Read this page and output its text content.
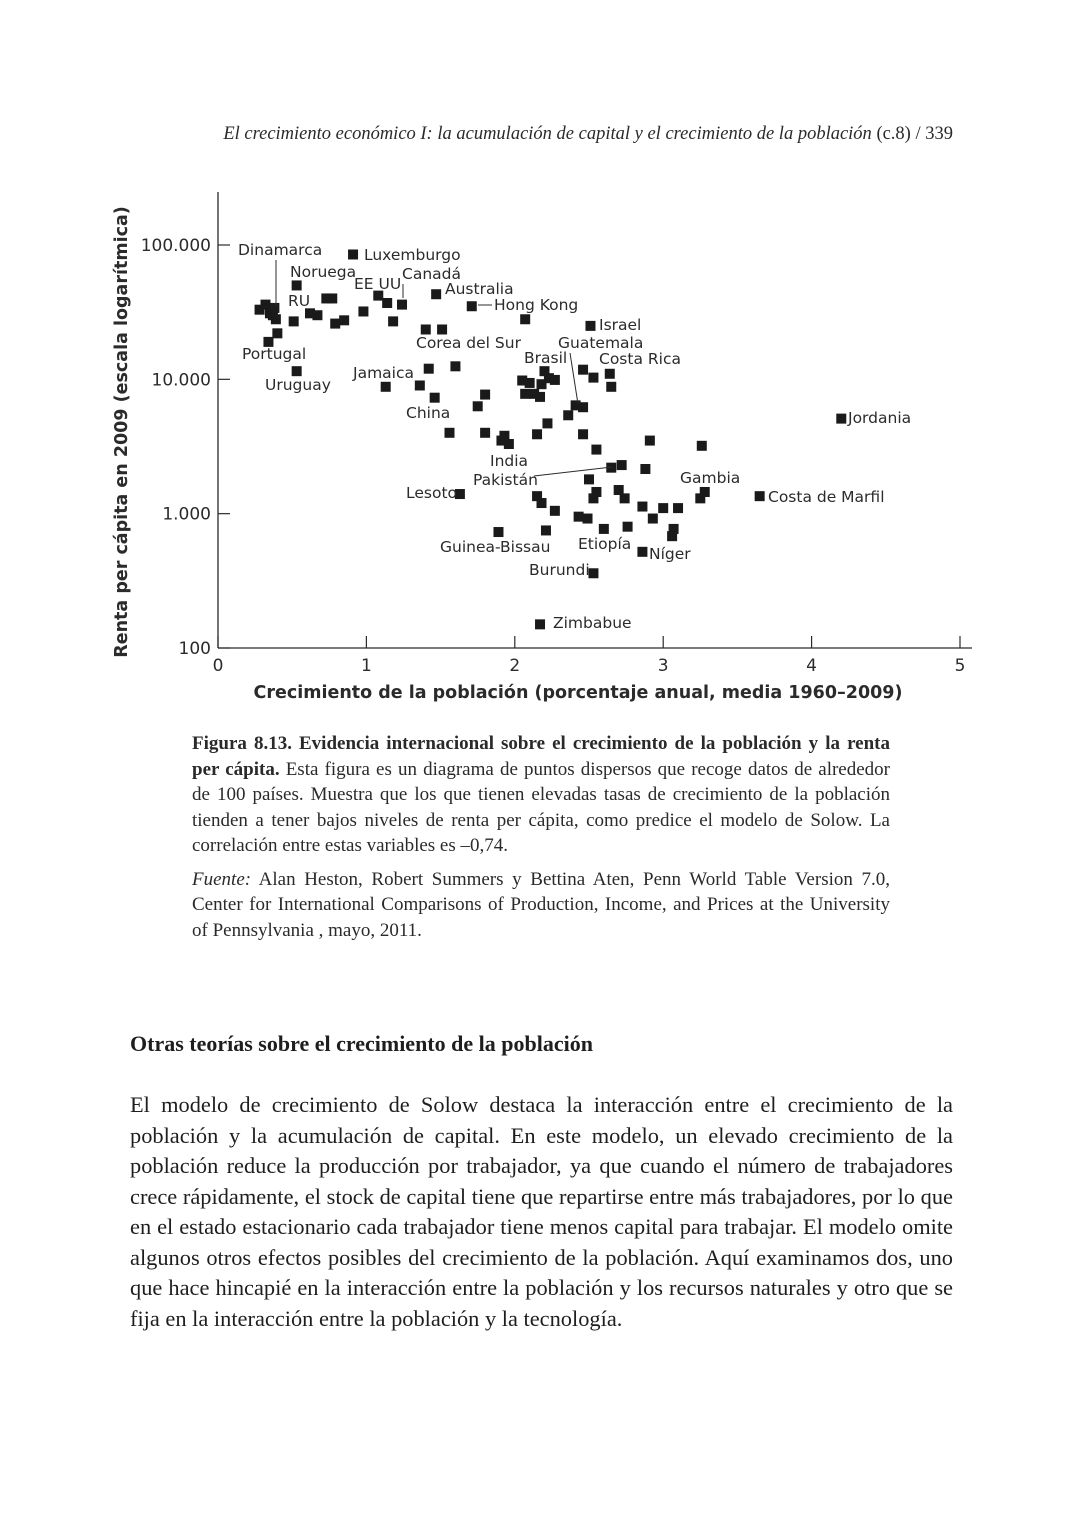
El crecimiento económico I: la acumulación de capital y el crecimiento de la población (c.8) / 339
0	1	2	3	4	5
100
1.000
10.000
100.000 Dinamarca
Noruega
RU
Portugal
Uruguay
EE UU
Luxemburgo
Canadá
Australia
Hong Kong
Corea del Sur
Jamaica
China
Israel
Guatemala
Brasil Costa Rica
India
Pakistán
Lesoto
Gambia
Jordania
Costa de Marfil
Guinea-Bissau Etiopía
Níger
Burundi
Zimbabue
Crecimiento de la población (porcentaje anual, media 1960–2009)
Renta per cápita en 2009 (escala logarítmica)

Figura 8.13. Evidencia internacional sobre el crecimiento de la población y la renta per cápita. Esta figura es un diagrama de puntos dispersos que recoge datos de alrededor de 100 países. Muestra que los que tienen elevadas tasas de crecimiento de la población tienden a tener bajos niveles de renta per cápita, como predice el modelo de Solow. La correlación entre estas variables es –0,74.

Fuente: Alan Heston, Robert Summers y Bettina Aten, Penn World Table Version 7.0, Center for International Comparisons of Production, Income, and Prices at the University of Pennsylvania , mayo, 2011.

Otras teorías sobre el crecimiento de la población

El modelo de crecimiento de Solow destaca la interacción entre el crecimiento de la población y la acumulación de capital. En este modelo, un elevado crecimiento de la población reduce la producción por trabajador, ya que cuando el número de trabajadores crece rápidamente, el stock de capital tiene que repartirse entre más trabajadores, por lo que en el estado estacionario cada trabajador tiene menos capital para trabajar. El modelo omite algunos otros efectos posibles del crecimiento de la población. Aquí examinamos dos, uno que hace hincapié en la interacción entre la población y los recursos naturales y otro que se fija en la interacción entre la población y la tecnología.
